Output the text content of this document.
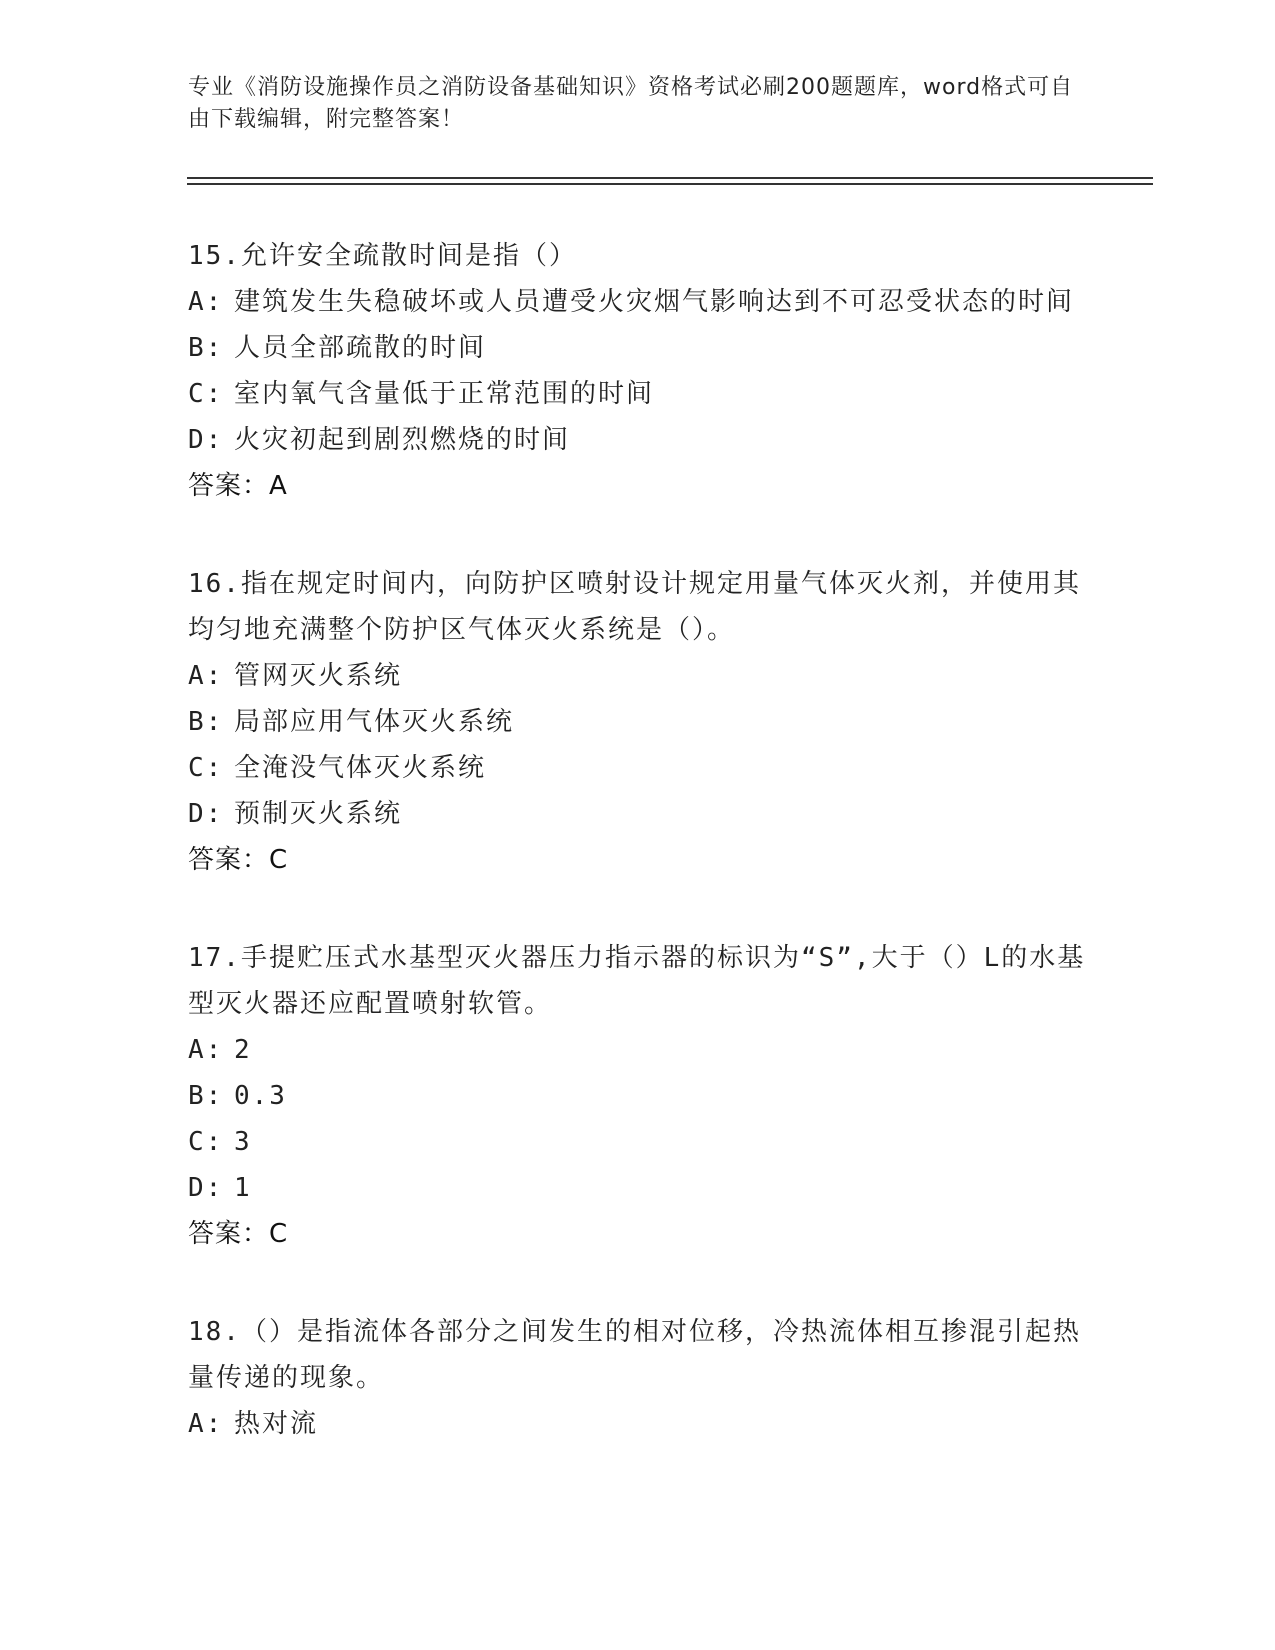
专业《消防设施操作员之消防设备基础知识》资格考试必刷200题题库，word格式可自由下载编辑，附完整答案！
15.允许安全疏散时间是指（）
A: 建筑发生失稳破坏或人员遭受火灾烟气影响达到不可忍受状态的时间
B: 人员全部疏散的时间
C: 室内氧气含量低于正常范围的时间
D: 火灾初起到剧烈燃烧的时间
答案：A
16.指在规定时间内，向防护区喷射设计规定用量气体灭火剂，并使用其均匀地充满整个防护区气体灭火系统是（）。
A: 管网灭火系统
B: 局部应用气体灭火系统
C: 全淹没气体灭火系统
D: 预制灭火系统
答案：C
17.手提贮压式水基型灭火器压力指示器的标识为“S”,大于（）L的水基型灭火器还应配置喷射软管。
A: 2
B: 0.3
C: 3
D: 1
答案：C
18.（）是指流体各部分之间发生的相对位移，冷热流体相互掺混引起热量传递的现象。
A: 热对流
